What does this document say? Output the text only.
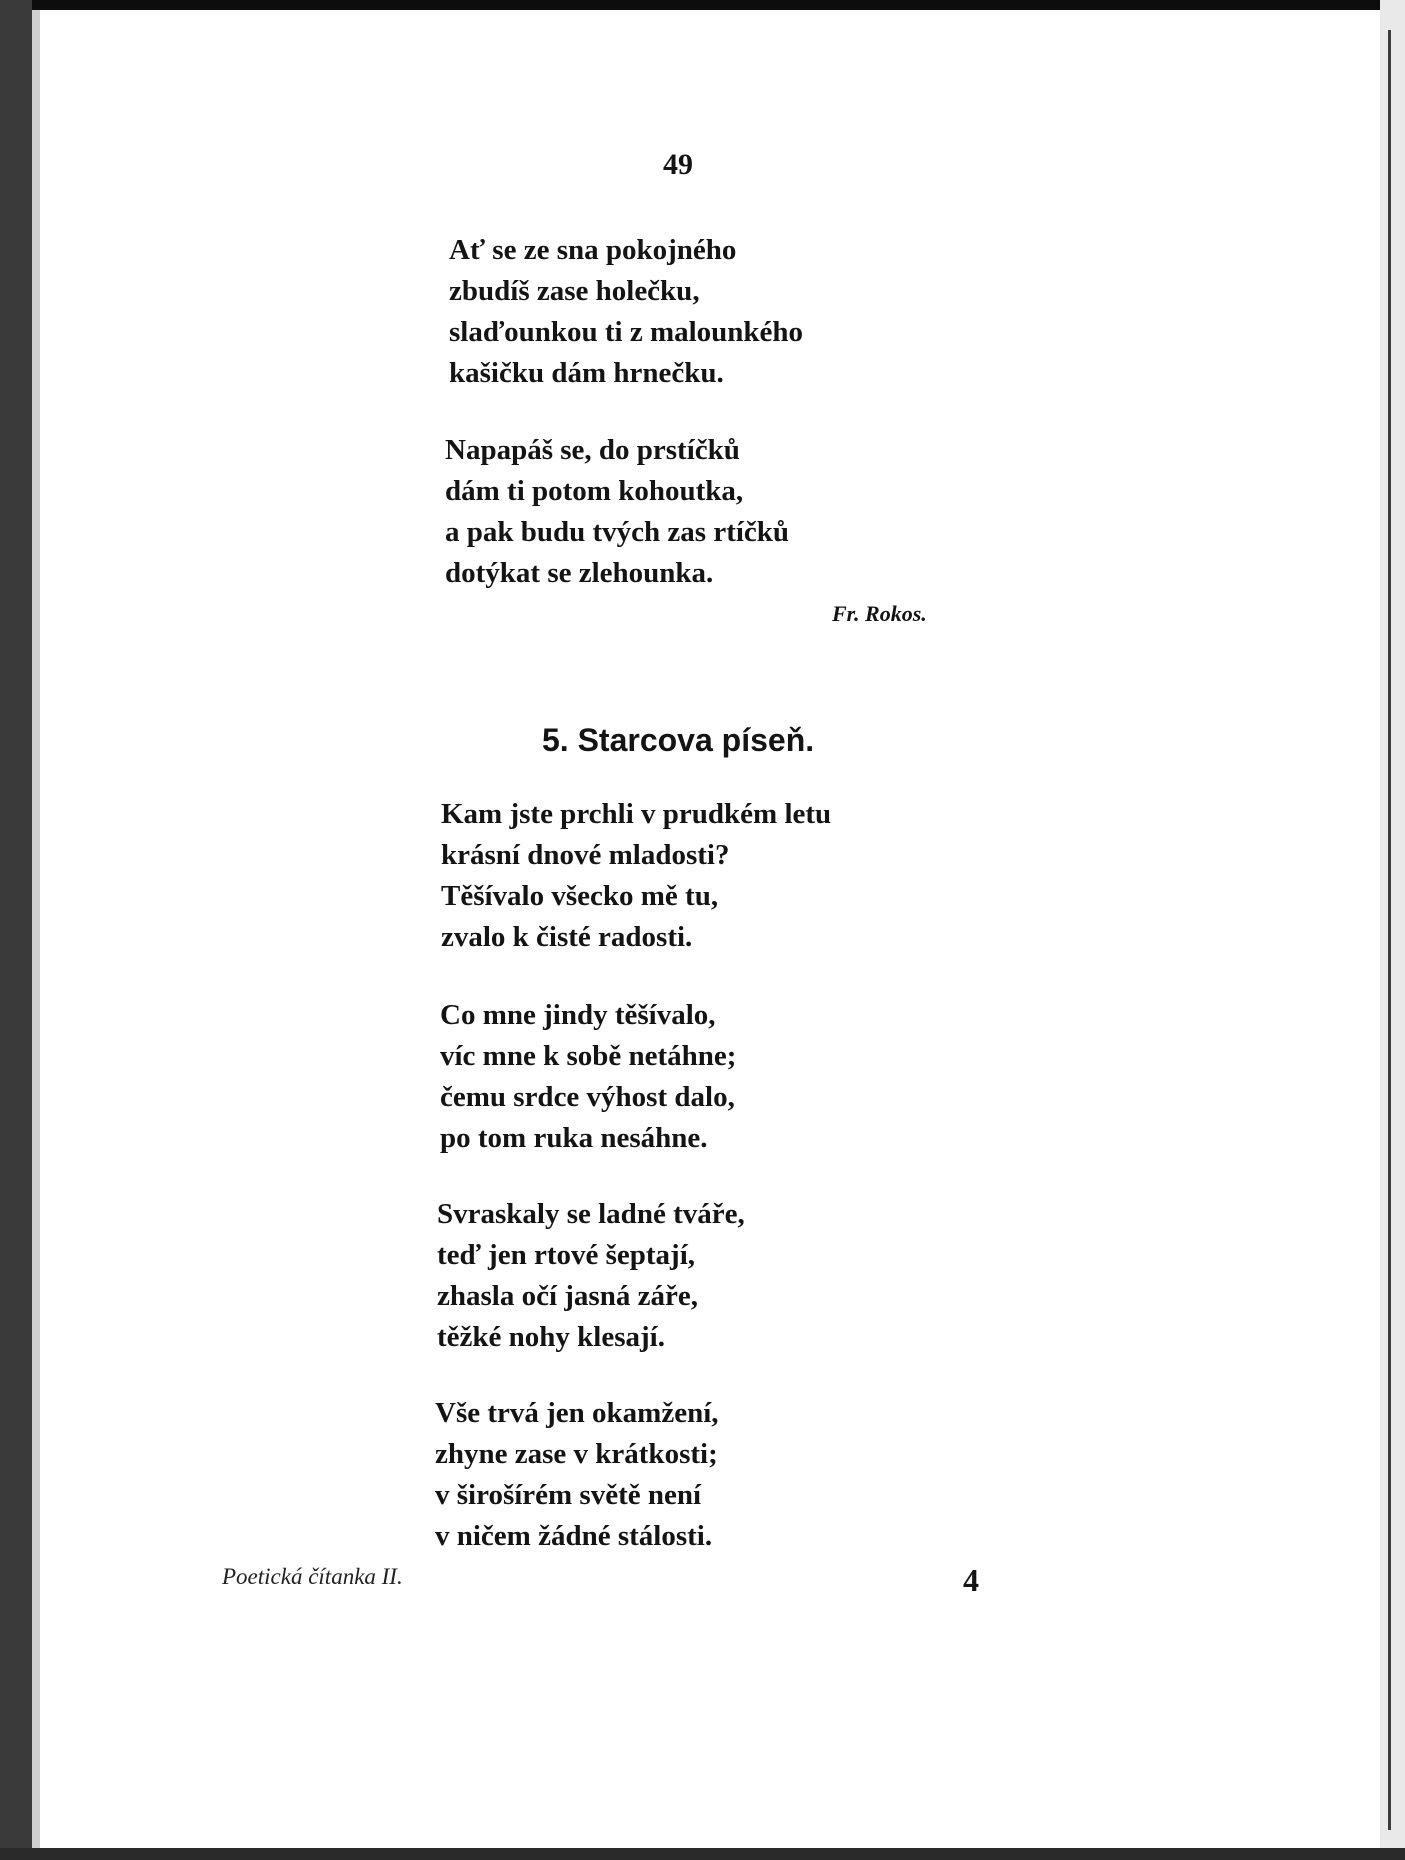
49
Ať se ze sna pokojného
zbudíš zase holečku,
slaďounkou ti z malounkého
kašičku dám hrnečku.
Napapáš se, do prstíčků
dám ti potom kohoutka,
a pak budu tvých zas rtíčků
dotýkat se zlehounka.
Fr. Rokos.
5. Starcova píseň.
Kam jste prchli v prudkém letu
krásní dnové mladosti?
Těšívalo všecko mě tu,
zvalo k čisté radosti.
Co mne jindy těšívalo,
víc mne k sobě netáhne;
čemu srdce výhost dalo,
po tom ruka nesáhne.
Svraskaly se ladné tváře,
teď jen rtové šeptají,
zhasla očí jasná záře,
těžké nohy klesají.
Vše trvá jen okamžení,
zhyne zase v krátkosti;
v širošírém světě není
v ničem žádné stálosti.
Poetická čítanka II.	4
